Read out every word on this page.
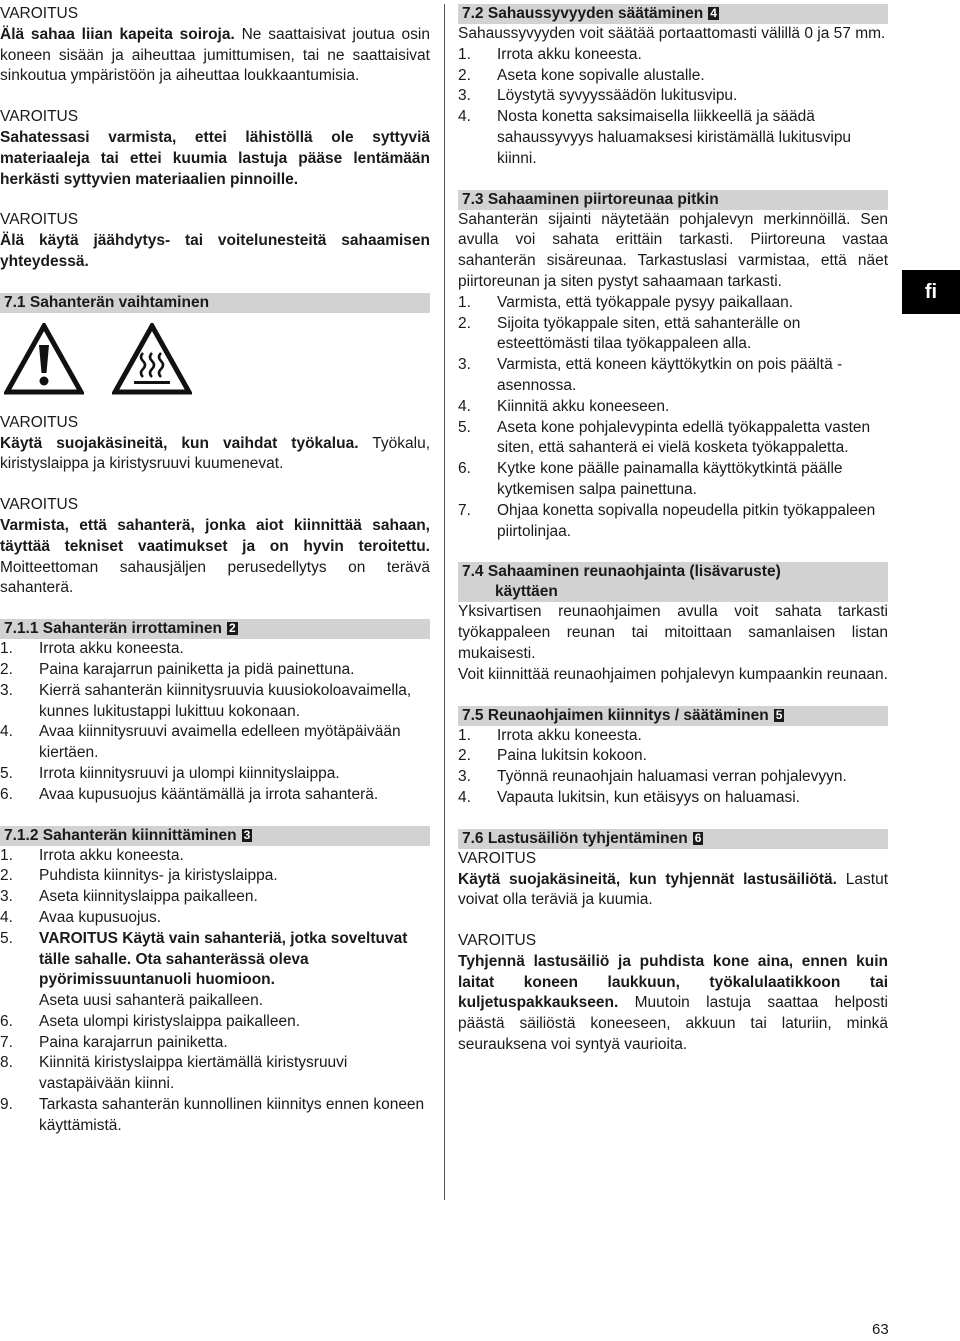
VAROITUS

Älä sahaa liian kapeita soiroja. Ne saattaisivat joutua osin koneen sisään ja aiheuttaa jumittumisen, tai ne saattaisivat sinkoutua ympäristöön ja aiheuttaa loukkaantumisia.

VAROITUS

Sahatessasi varmista, ettei lähistöllä ole syttyviä materiaaleja tai ettei kuumia lastuja pääse lentämään herkästi syttyvien materiaalien pinnoille.

VAROITUS

Älä käytä jäähdytys- tai voitelunesteitä sahaamisen yhteydessä.

7.1 Sahanterän vaihtaminen

VAROITUS

Käytä suojakäsineitä, kun vaihdat työkalua. Työkalu, kiristyslaippa ja kiristysruuvi kuumenevat.

VAROITUS

Varmista, että sahanterä, jonka aiot kiinnittää sahaan, täyttää tekniset vaatimukset ja on hyvin teroitettu. Moitteettoman sahausjäljen perusedellytys on terävä sahanterä.

7.1.1 Sahanterän irrottaminen 2

1. Irrota akku koneesta.
2. Paina karajarrun painiketta ja pidä painettuna.
3. Kierrä sahanterän kiinnitysruuvia kuusiokoloavaimella, kunnes lukitustappi lukittuu kokonaan.
4. Avaa kiinnitysruuvi avaimella edelleen myötäpäivään kiertäen.
5. Irrota kiinnitysruuvi ja ulompi kiinnityslaippa.
6. Avaa kupusuojus kääntämällä ja irrota sahanterä.

7.1.2 Sahanterän kiinnittäminen 3

1. Irrota akku koneesta.
2. Puhdista kiinnitys- ja kiristyslaippa.
3. Aseta kiinnityslaippa paikalleen.
4. Avaa kupusuojus.
5. VAROITUS Käytä vain sahanteriä, jotka soveltuvat tälle sahalle. Ota sahanterässä oleva pyörimissuuntanuoli huomioon.
Aseta uusi sahanterä paikalleen.
6. Aseta ulompi kiristyslaippa paikalleen.
7. Paina karajarrun painiketta.
8. Kiinnitä kiristyslaippa kiertämällä kiristysruuvi vastapäivään kiinni.
9. Tarkasta sahanterän kunnollinen kiinnitys ennen koneen käyttämistä.

7.2 Sahaussyvyyden säätäminen 4

Sahaussyvyyden voit säätää portaattomasti välillä 0 ja 57 mm.

1. Irrota akku koneesta.
2. Aseta kone sopivalle alustalle.
3. Löystytä syvyyssäädön lukitusvipu.
4. Nosta konetta saksimaisella liikkeellä ja säädä sahaussyvyys haluamaksesi kiristämällä lukitusvipu kiinni.

7.3 Sahaaminen piirtoreunaa pitkin

Sahanterän sijainti näytetään pohjalevyn merkinnöillä. Sen avulla voi sahata erittäin tarkasti. Piirtoreuna vastaa sahanterän sisäreunaa. Tarkastuslasi varmistaa, että näet piirtoreunan ja siten pystyt sahaamaan tarkasti.

1. Varmista, että työkappale pysyy paikallaan.
2. Sijoita työkappale siten, että sahanterälle on esteettömästi tilaa työkappaleen alla.
3. Varmista, että koneen käyttökytkin on pois päältä -asennossa.
4. Kiinnitä akku koneeseen.
5. Aseta kone pohjalevypinta edellä työkappaletta vasten siten, että sahanterä ei vielä kosketa työkappaletta.
6. Kytke kone päälle painamalla käyttökytkintä päälle kytkemisen salpa painettuna.
7. Ohjaa konetta sopivalla nopeudella pitkin työkappaleen piirtolinjaa.

7.4 Sahaaminen reunaohjainta (lisävaruste)
käyttäen

Yksivartisen reunaohjaimen avulla voit sahata tarkasti työkappaleen reunan tai mitoittaan samanlaisen listan mukaisesti.

Voit kiinnittää reunaohjaimen pohjalevyn kumpaankin reunaan.

7.5 Reunaohjaimen kiinnitys / säätäminen 5

1. Irrota akku koneesta.
2. Paina lukitsin kokoon.
3. Työnnä reunaohjain haluamasi verran pohjalevyyn.
4. Vapauta lukitsin, kun etäisyys on haluamasi.

7.6 Lastusäiliön tyhjentäminen 6

VAROITUS

Käytä suojakäsineitä, kun tyhjennät lastusäiliötä. Lastut voivat olla teräviä ja kuumia.

VAROITUS

Tyhjennä lastusäiliö ja puhdista kone aina, ennen kuin laitat koneen laukkuun, työkalulaatikkoon tai kuljetuspakkaukseen. Muutoin lastuja saattaa helposti päästä säiliöstä koneeseen, akkuun tai laturiin, minkä seurauksena voi syntyä vaurioita.

fi
63
